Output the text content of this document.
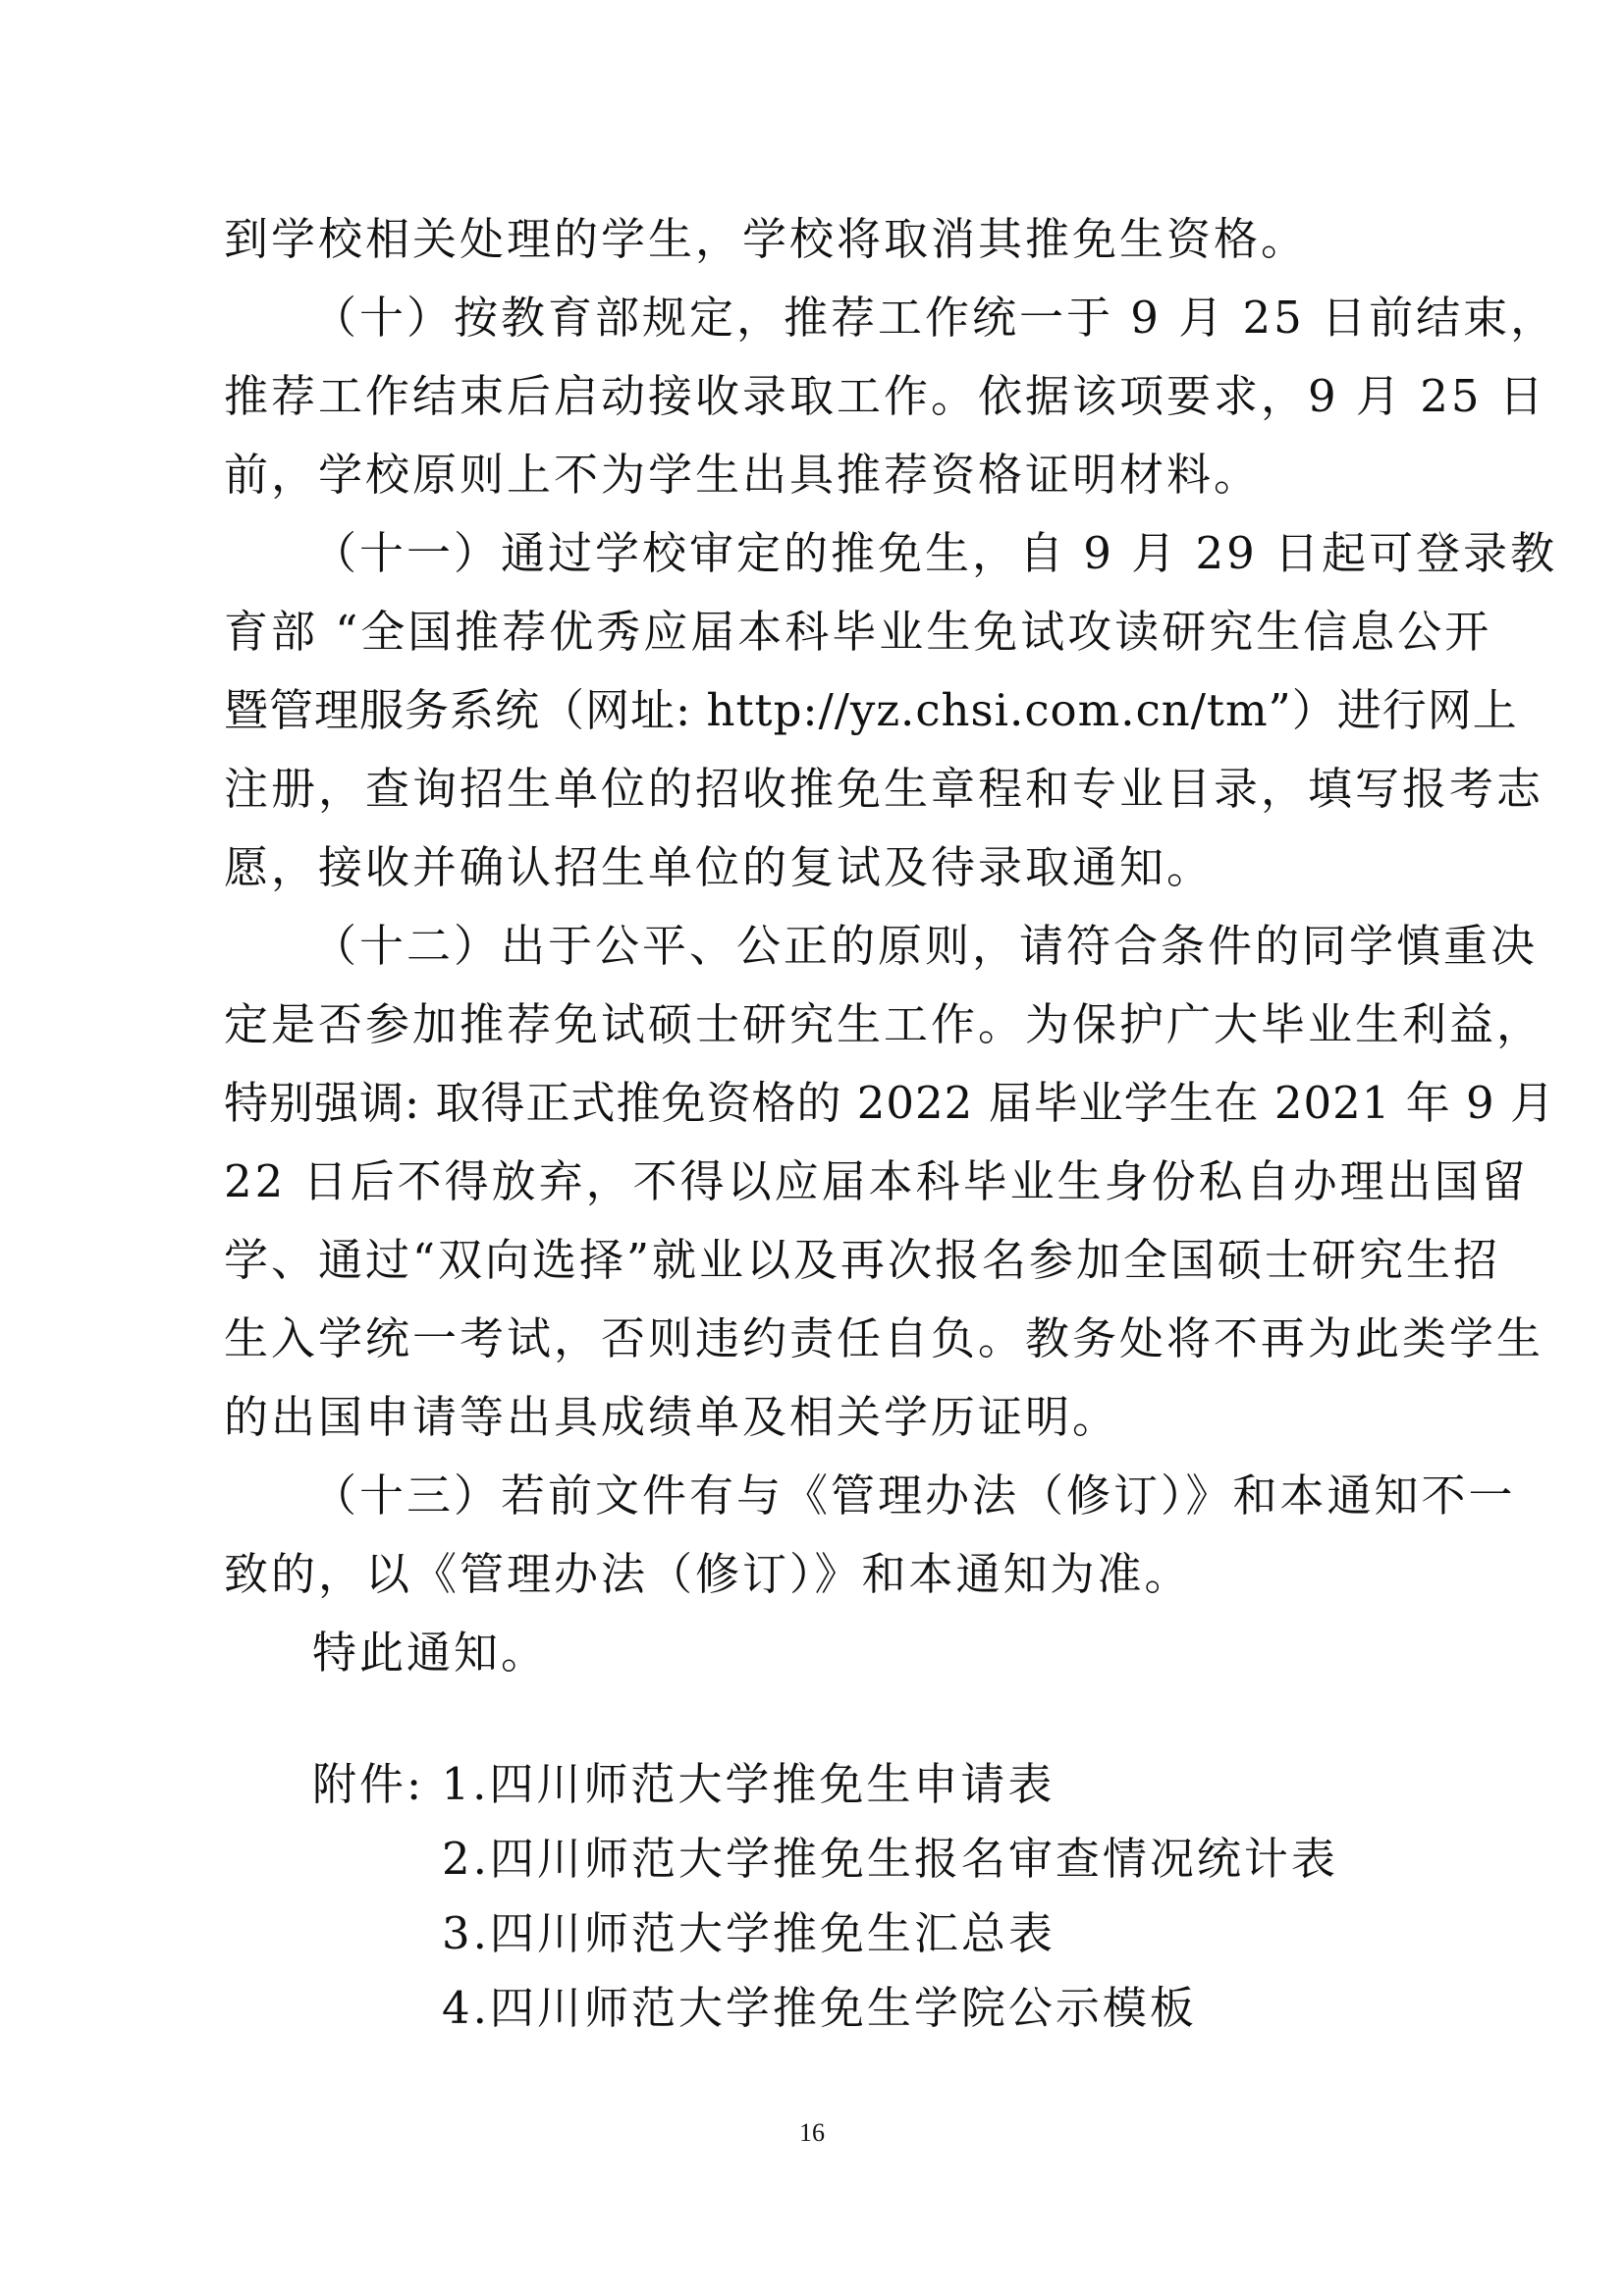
到学校相关处理的学生，学校将取消其推免生资格。
（十）按教育部规定，推荐工作统一于 9 月 25 日前结束，
推荐工作结束后启动接收录取工作。依据该项要求，9 月 25 日
前，学校原则上不为学生出具推荐资格证明材料。
（十一）通过学校审定的推免生，自 9 月 29 日起可登录教
育部 “全国推荐优秀应届本科毕业生免试攻读研究生信息公开
暨管理服务系统（网址: http://yz.chsi.com.cn/tm”）进行网上
注册，查询招生单位的招收推免生章程和专业目录，填写报考志
愿，接收并确认招生单位的复试及待录取通知。
（十二）出于公平、公正的原则，请符合条件的同学慎重决
定是否参加推荐免试硕士研究生工作。为保护广大毕业生利益，
特别强调: 取得正式推免资格的 2022 届毕业学生在 2021 年 9 月
22 日后不得放弃，不得以应届本科毕业生身份私自办理出国留
学、通过“双向选择”就业以及再次报名参加全国硕士研究生招
生入学统一考试，否则违约责任自负。教务处将不再为此类学生
的出国申请等出具成绩单及相关学历证明。
（十三）若前文件有与《管理办法（修订）》和本通知不一
致的，以《管理办法（修订）》和本通知为准。
特此通知。
附件: 1.四川师范大学推免生申请表
2.四川师范大学推免生报名审查情况统计表
3.四川师范大学推免生汇总表
4.四川师范大学推免生学院公示模板
16
